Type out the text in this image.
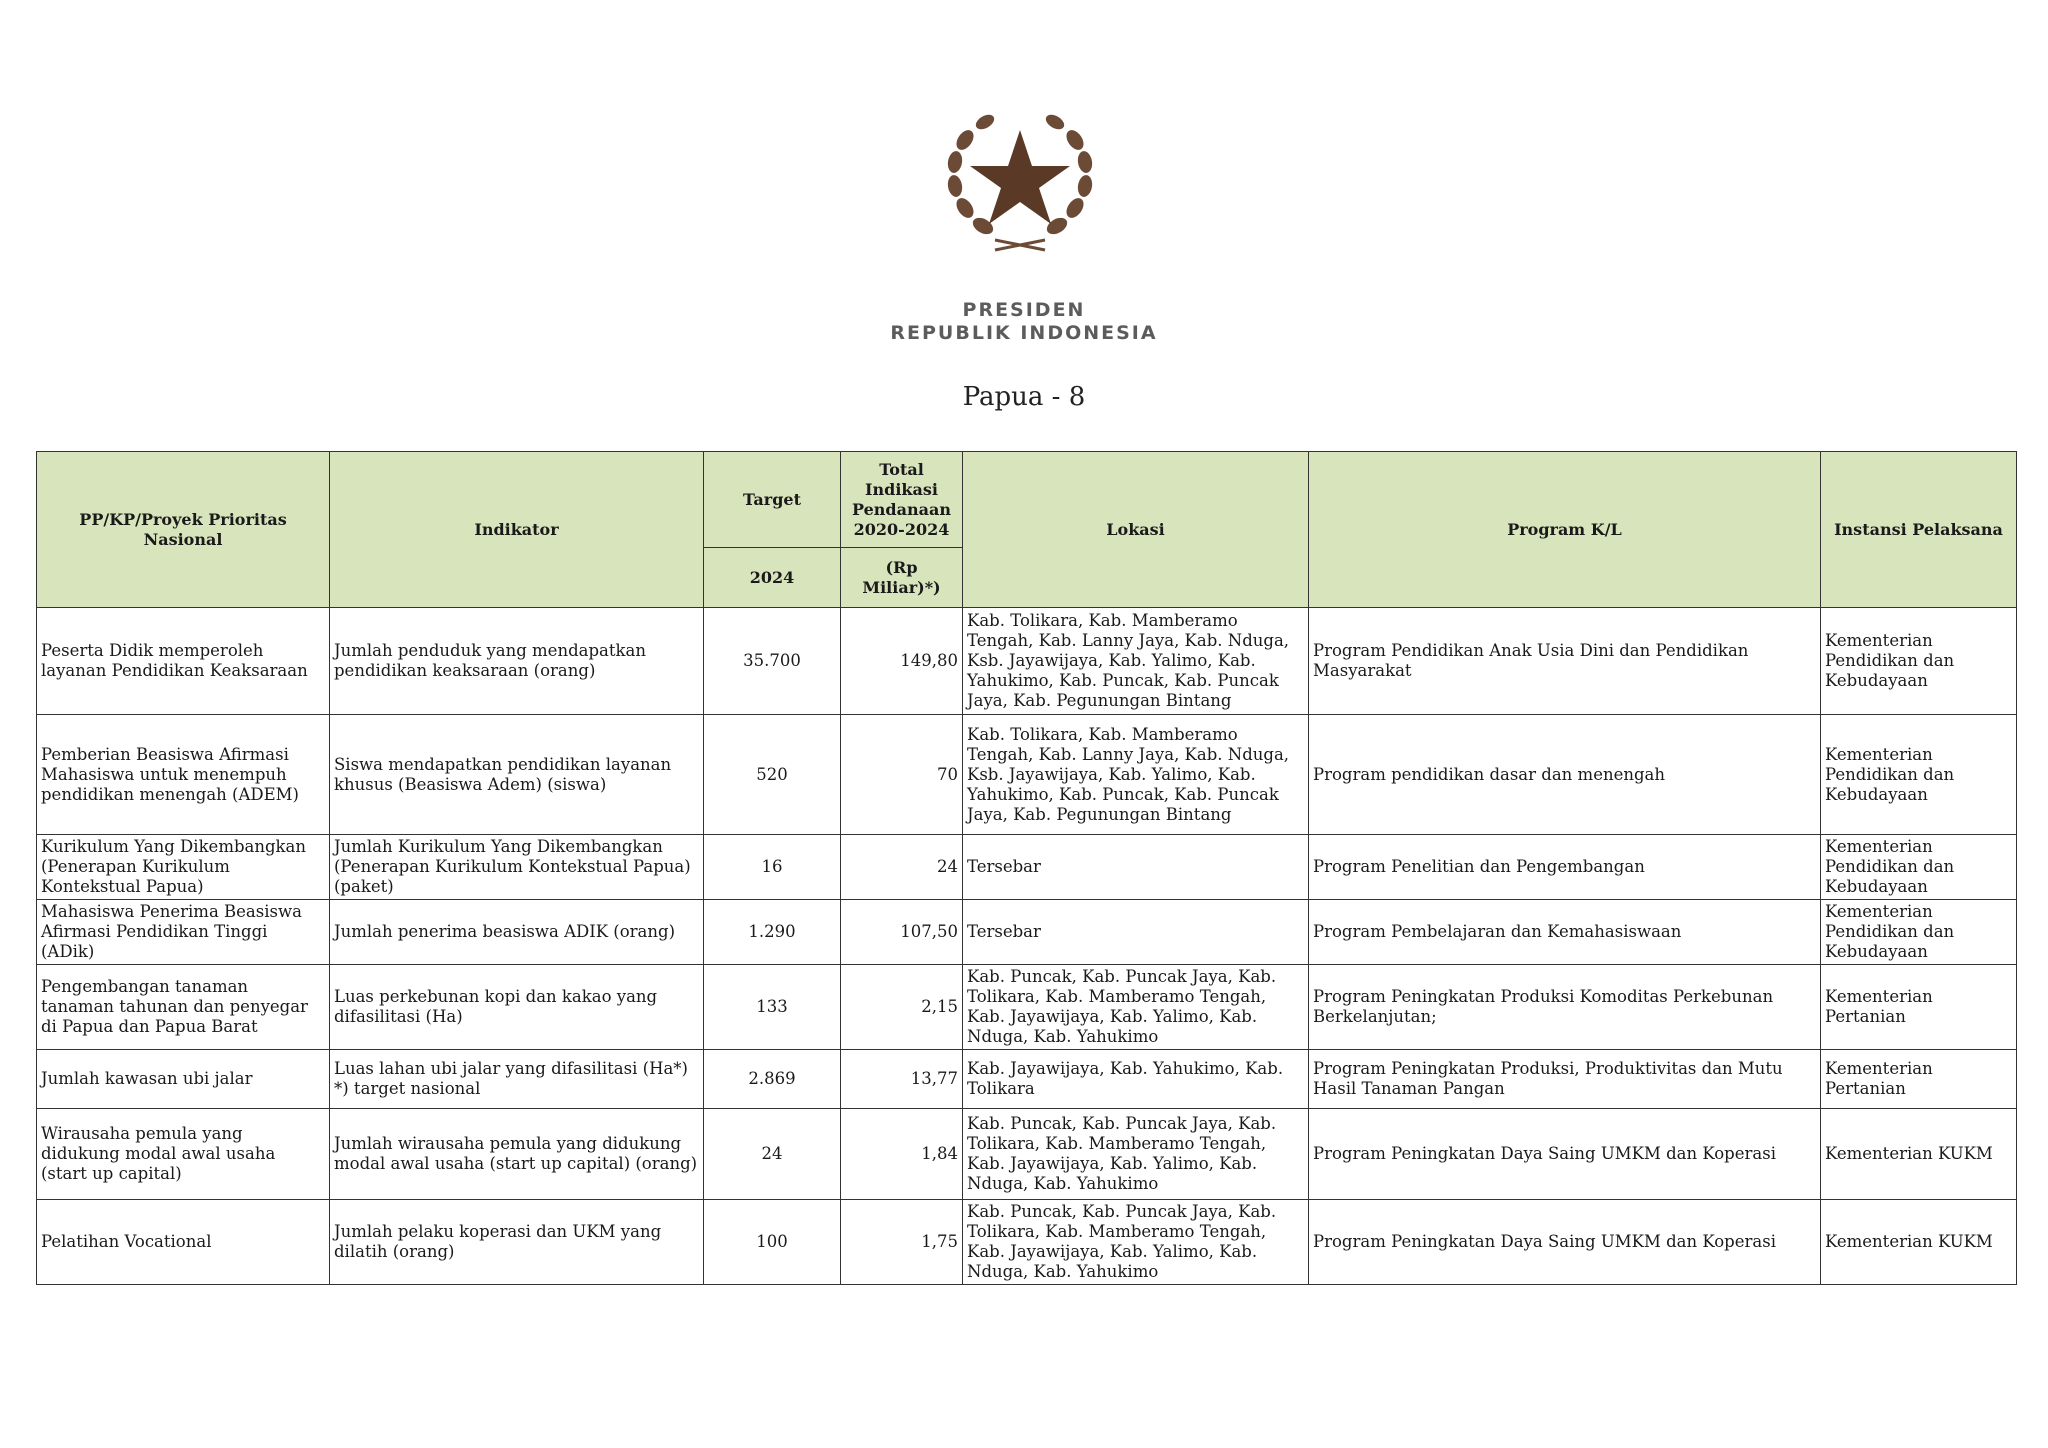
PRESIDEN
REPUBLIK INDONESIA
Papua - 8
PP/KP/Proyek Prioritas Nasional	Indikator	Target	Total Indikasi Pendanaan 2020-2024	Lokasi	Program K/L	Instansi Pelaksana
		2024	(Rp Miliar)*)			
Peserta Didik memperoleh layanan Pendidikan Keaksaraan	Jumlah penduduk yang mendapatkan pendidikan keaksaraan (orang)	35.700	149,80	Kab. Tolikara, Kab. Mamberamo Tengah, Kab. Lanny Jaya, Kab. Nduga, Ksb. Jayawijaya, Kab. Yalimo, Kab. Yahukimo, Kab. Puncak, Kab. Puncak Jaya, Kab. Pegunungan Bintang	Program Pendidikan Anak Usia Dini dan Pendidikan Masyarakat	Kementerian Pendidikan dan Kebudayaan
Pemberian Beasiswa Afirmasi Mahasiswa untuk menempuh pendidikan menengah (ADEM)	Siswa mendapatkan pendidikan layanan khusus (Beasiswa Adem) (siswa)	520	70	Kab. Tolikara, Kab. Mamberamo Tengah, Kab. Lanny Jaya, Kab. Nduga, Ksb. Jayawijaya, Kab. Yalimo, Kab. Yahukimo, Kab. Puncak, Kab. Puncak Jaya, Kab. Pegunungan Bintang	Program pendidikan dasar dan menengah	Kementerian Pendidikan dan Kebudayaan
Kurikulum Yang Dikembangkan (Penerapan Kurikulum Kontekstual Papua)	Jumlah Kurikulum Yang Dikembangkan (Penerapan Kurikulum Kontekstual Papua) (paket)	16	24	Tersebar	Program Penelitian dan Pengembangan	Kementerian Pendidikan dan Kebudayaan
Mahasiswa Penerima Beasiswa Afirmasi Pendidikan Tinggi (ADik)	Jumlah penerima beasiswa ADIK (orang)	1.290	107,50	Tersebar	Program Pembelajaran dan Kemahasiswaan	Kementerian Pendidikan dan Kebudayaan
Pengembangan tanaman tanaman tahunan dan penyegar di Papua dan Papua Barat	Luas perkebunan kopi dan kakao yang difasilitasi (Ha)	133	2,15	Kab. Puncak, Kab. Puncak Jaya, Kab. Tolikara, Kab. Mamberamo Tengah, Kab. Jayawijaya, Kab. Yalimo, Kab. Nduga, Kab. Yahukimo	Program Peningkatan Produksi Komoditas Perkebunan Berkelanjutan;	Kementerian Pertanian
Jumlah kawasan ubi jalar	Luas lahan ubi jalar yang difasilitasi (Ha*) *) target nasional	2.869	13,77	Kab. Jayawijaya, Kab. Yahukimo, Kab. Tolikara	Program Peningkatan Produksi, Produktivitas dan Mutu Hasil Tanaman Pangan	Kementerian Pertanian
Wirausaha pemula yang didukung modal awal usaha (start up capital)	Jumlah wirausaha pemula yang didukung modal awal usaha (start up capital) (orang)	24	1,84	Kab. Puncak, Kab. Puncak Jaya, Kab. Tolikara, Kab. Mamberamo Tengah, Kab. Jayawijaya, Kab. Yalimo, Kab. Nduga, Kab. Yahukimo	Program Peningkatan Daya Saing UMKM dan Koperasi	Kementerian KUKM
Pelatihan Vocational	Jumlah pelaku koperasi dan UKM yang dilatih (orang)	100	1,75	Kab. Puncak, Kab. Puncak Jaya, Kab. Tolikara, Kab. Mamberamo Tengah, Kab. Jayawijaya, Kab. Yalimo, Kab. Nduga, Kab. Yahukimo	Program Peningkatan Daya Saing UMKM dan Koperasi	Kementerian KUKM
